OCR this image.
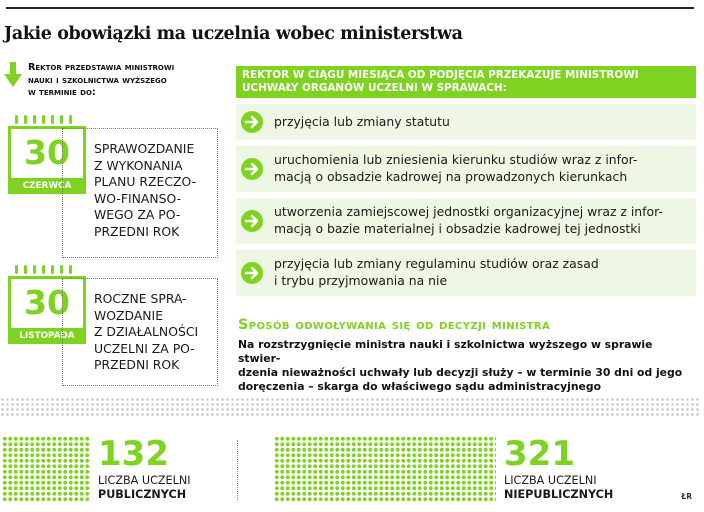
Jakie obowiązki ma uczelnia wobec ministerstwa
Rektor przedstawia ministrowi
nauki i szkolnictwa wyższego
w terminie do:
30
CZERWCA
SPRAWOZDANIE
Z WYKONANIA
PLANU RZECZO-
WO-FINANSO-
WEGO ZA PO-
PRZEDNI ROK
30
LISTOPADA
ROCZNE SPRA-
WOZDANIE
Z DZIAŁALNOŚCI
UCZELNI ZA PO-
PRZEDNI ROK
REKTOR W CIĄGU MIESIĄCA OD PODJĘCIA PRZEKAZUJE MINISTROWI
UCHWAŁY ORGANÓW UCZELNI W SPRAWACH:
przyjęcia lub zmiany statutu
uruchomienia lub zniesienia kierunku studiów wraz z infor-
macją o obsadzie kadrowej na prowadzonych kierunkach
utworzenia zamiejscowej jednostki organizacyjnej wraz z infor-
macją o bazie materialnej i obsadzie kadrowej tej jednostki
przyjęcia lub zmiany regulaminu studiów oraz zasad
i trybu przyjmowania na nie
Sposób odwoływania się od decyzji ministra
Na rozstrzygnięcie ministra nauki i szkolnictwa wyższego w sprawie stwier-
dzenia nieważności uchwały lub decyzji służy – w terminie 30 dni od jego
doręczenia – skarga do właściwego sądu administracyjnego
132
LICZBA UCZELNI
PUBLICZNYCH
321
LICZBA UCZELNI
NIEPUBLICZNYCH	ŁR
